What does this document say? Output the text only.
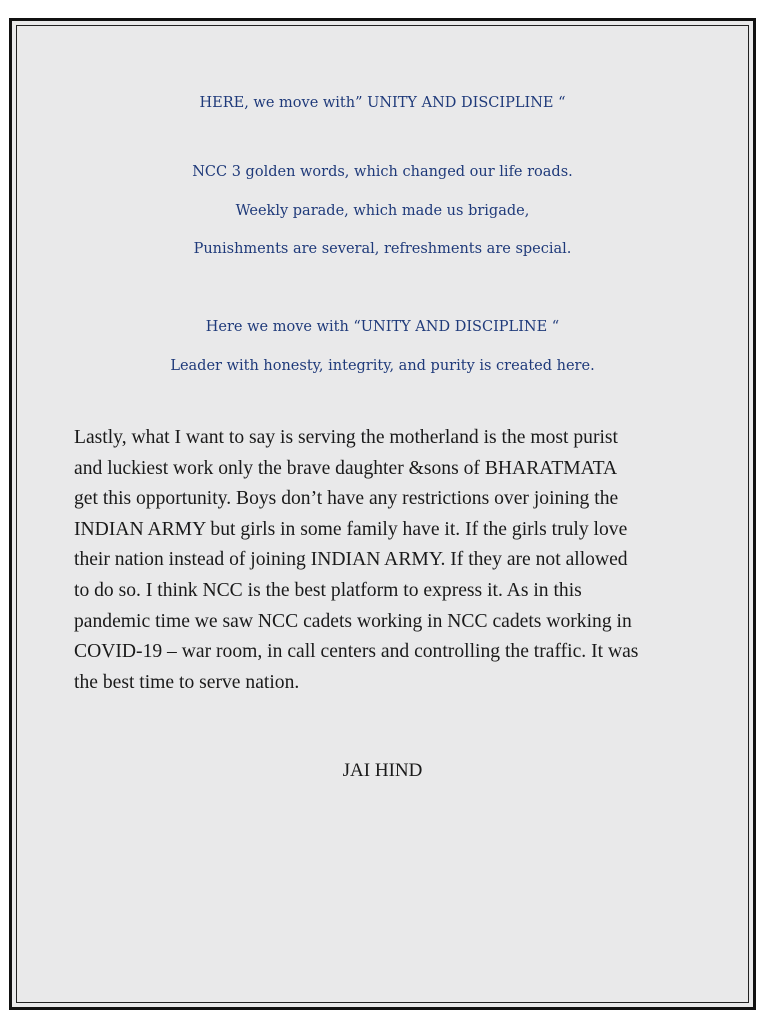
HERE, we move with” UNITY AND DISCIPLINE “
NCC 3 golden words, which changed our life roads.
Weekly parade, which made us brigade,
Punishments are several, refreshments are special.
Here we move with “UNITY AND DISCIPLINE “
Leader with honesty, integrity, and purity is created here.
Lastly, what I want to say is serving the motherland is the most purist
and luckiest work only the brave daughter &sons of BHARATMATA
get this opportunity. Boys don’t have any restrictions over joining the
INDIAN ARMY but girls in some family have it. If the girls truly love
their nation instead of joining INDIAN ARMY. If they are not allowed
to do so. I think NCC is the best platform to express it. As in this
pandemic time we saw NCC cadets working in NCC cadets working in
COVID-19 – war room, in call centers and controlling the traffic. It was
the best time to serve nation.
JAI HIND
